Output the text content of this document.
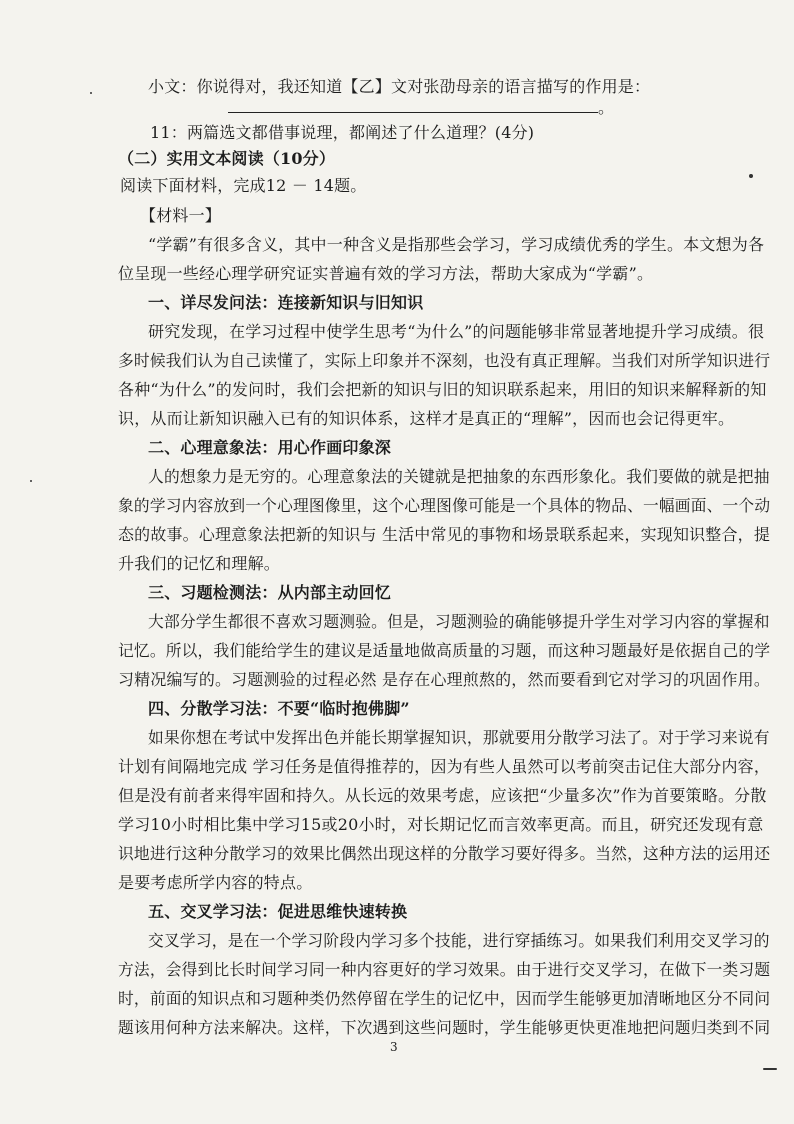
小文：你说得对，我还知道【乙】文对张劭母亲的语言描写的作用是：
。
11：两篇选文都借事说理，都阐述了什么道理？(4分)
（二）实用文本阅读（10分）
阅读下面材料，完成12 － 14题。
【材料一】
“学霸”有很多含义，其中一种含义是指那些会学习，学习成绩优秀的学生。本文想为各
位呈现一些经心理学研究证实普遍有效的学习方法，帮助大家成为“学霸”。
一、详尽发问法：连接新知识与旧知识
研究发现，在学习过程中使学生思考“为什么”的问题能够非常显著地提升学习成绩。很
多时候我们认为自己读懂了，实际上印象并不深刻，也没有真正理解。当我们对所学知识进行
各种“为什么”的发问时，我们会把新的知识与旧的知识联系起来，用旧的知识来解释新的知
识，从而让新知识融入已有的知识体系，这样才是真正的“理解”，因而也会记得更牢。
二、心理意象法：用心作画印象深
人的想象力是无穷的。心理意象法的关键就是把抽象的东西形象化。我们要做的就是把抽
象的学习内容放到一个心理图像里，这个心理图像可能是一个具体的物品、一幅画面、一个动
态的故事。心理意象法把新的知识与 生活中常见的事物和场景联系起来，实现知识整合，提
升我们的记忆和理解。
三、习题检测法：从内部主动回忆
大部分学生都很不喜欢习题测验。但是，习题测验的确能够提升学生对学习内容的掌握和
记忆。所以，我们能给学生的建议是适量地做高质量的习题，而这种习题最好是依据自己的学
习精况编写的。习题测验的过程必然 是存在心理煎熬的，然而要看到它对学习的巩固作用。
四、分散学习法：不要“临时抱佛脚”
如果你想在考试中发挥出色并能长期掌握知识，那就要用分散学习法了。对于学习来说有
计划有间隔地完成 学习任务是值得推荐的，因为有些人虽然可以考前突击记住大部分内容，
但是没有前者来得牢固和持久。从长远的效果考虑，应该把“少量多次”作为首要策略。分散
学习10小时相比集中学习15或20小时，对长期记忆而言效率更高。而且，研究还发现有意
识地进行这种分散学习的效果比偶然出现这样的分散学习要好得多。当然，这种方法的运用还
是要考虑所学内容的特点。
五、交叉学习法：促进思维快速转换
交叉学习，是在一个学习阶段内学习多个技能，进行穿插练习。如果我们利用交叉学习的
方法，会得到比长时间学习同一种内容更好的学习效果。由于进行交叉学习，在做下一类习题
时，前面的知识点和习题种类仍然停留在学生的记忆中，因而学生能够更加清晰地区分不同问
题该用何种方法来解决。这样，下次遇到这些问题时，学生能够更快更准地把问题归类到不同
3
